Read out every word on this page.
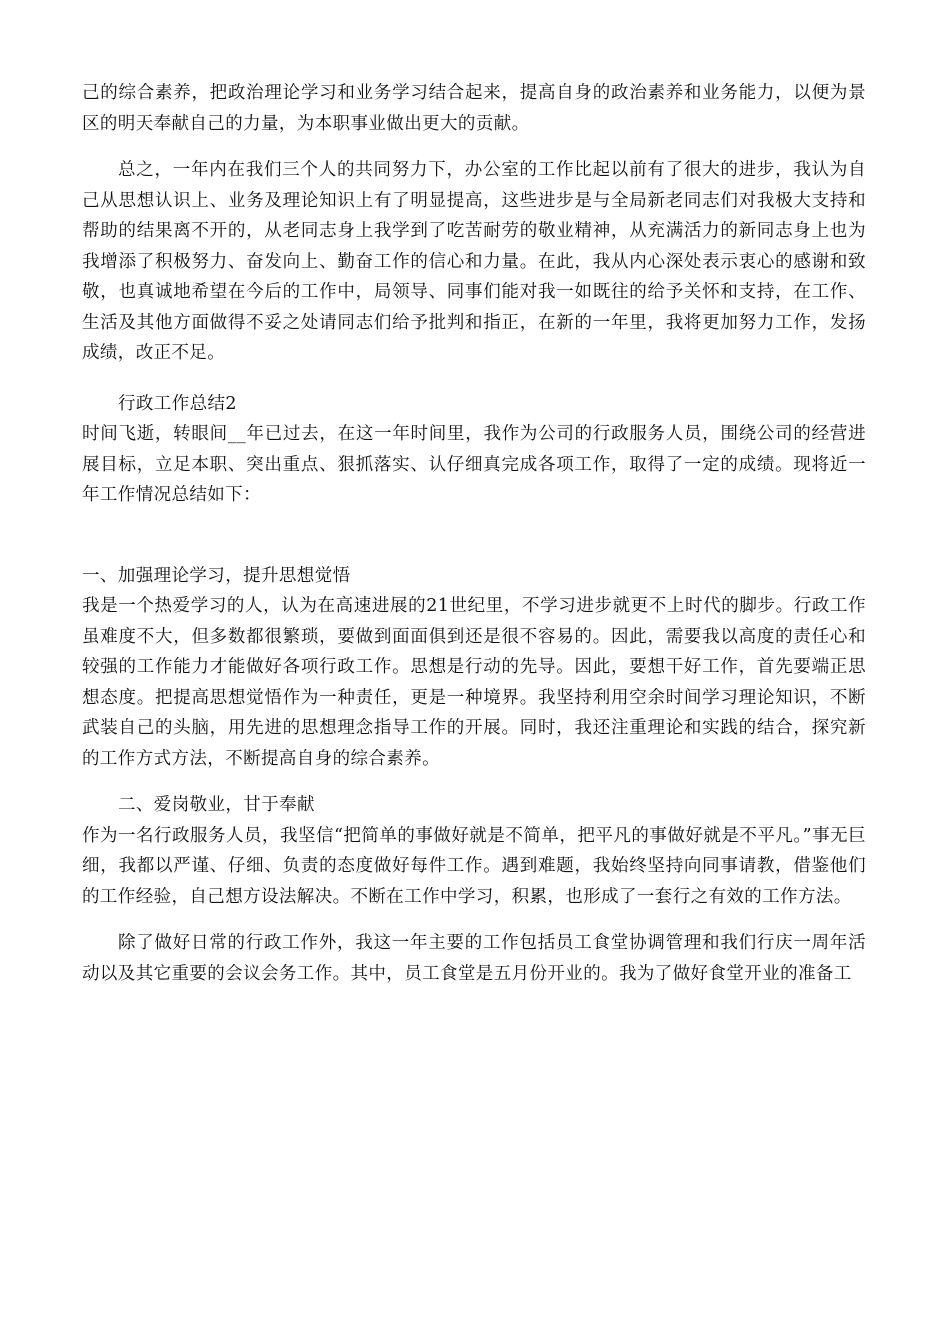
己的综合素养，把政治理论学习和业务学习结合起来，提高自身的政治素养和业务能力，以便为景区的明天奉献自己的力量，为本职事业做出更大的贡献。

总之，一年内在我们三个人的共同努力下，办公室的工作比起以前有了很大的进步，我认为自己从思想认识上、业务及理论知识上有了明显提高，这些进步是与全局新老同志们对我极大支持和帮助的结果离不开的，从老同志身上我学到了吃苦耐劳的敬业精神，从充满活力的新同志身上也为我增添了积极努力、奋发向上、勤奋工作的信心和力量。在此，我从内心深处表示衷心的感谢和致敬，也真诚地希望在今后的工作中，局领导、同事们能对我一如既往的给予关怀和支持，在工作、生活及其他方面做得不妥之处请同志们给予批判和指正，在新的一年里，我将更加努力工作，发扬成绩，改正不足。

行政工作总结2

时间飞逝，转眼间__年已过去，在这一年时间里，我作为公司的行政服务人员，围绕公司的经营进展目标，立足本职、突出重点、狠抓落实、认仔细真完成各项工作，取得了一定的成绩。现将近一年工作情况总结如下：

一、加强理论学习，提升思想觉悟

我是一个热爱学习的人，认为在高速进展的21世纪里，不学习进步就更不上时代的脚步。行政工作虽难度不大，但多数都很繁琐，要做到面面俱到还是很不容易的。因此，需要我以高度的责任心和较强的工作能力才能做好各项行政工作。思想是行动的先导。因此，要想干好工作，首先要端正思想态度。把提高思想觉悟作为一种责任，更是一种境界。我坚持利用空余时间学习理论知识，不断武装自己的头脑，用先进的思想理念指导工作的开展。同时，我还注重理论和实践的结合，探究新的工作方式方法，不断提高自身的综合素养。

二、爱岗敬业，甘于奉献

作为一名行政服务人员，我坚信“把简单的事做好就是不简单，把平凡的事做好就是不平凡。”事无巨细，我都以严谨、仔细、负责的态度做好每件工作。遇到难题，我始终坚持向同事请教，借鉴他们的工作经验，自己想方设法解决。不断在工作中学习，积累，也形成了一套行之有效的工作方法。

除了做好日常的行政工作外，我这一年主要的工作包括员工食堂协调管理和我们行庆一周年活动以及其它重要的会议会务工作。其中，员工食堂是五月份开业的。我为了做好食堂开业的准备工
